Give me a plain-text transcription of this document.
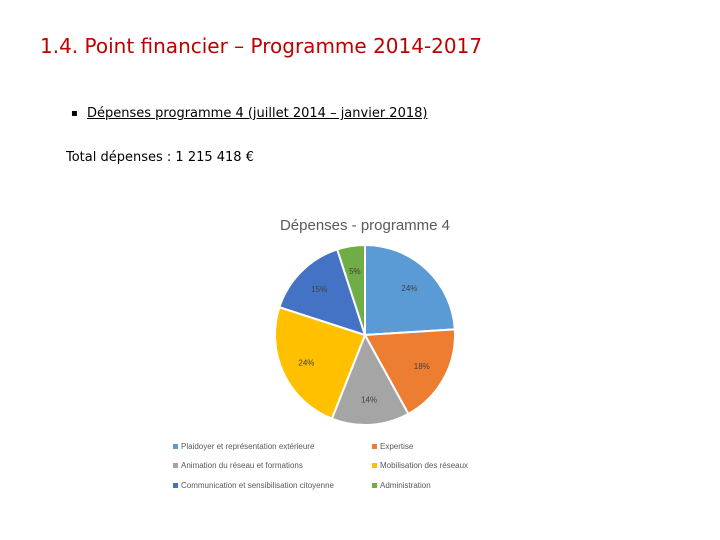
1.4. Point financier – Programme 2014-2017
▪ Dépenses programme 4 (juillet 2014 – janvier 2018)
Total dépenses : 1 215 418 €
Dépenses - programme 4
24%
18%
14%
24%
15%
5%
Plaidoyer et représentation extérieure	Expertise
Animation du réseau et formations	Mobilisation des réseaux
Communication et sensibilisation citoyenne	Administration
